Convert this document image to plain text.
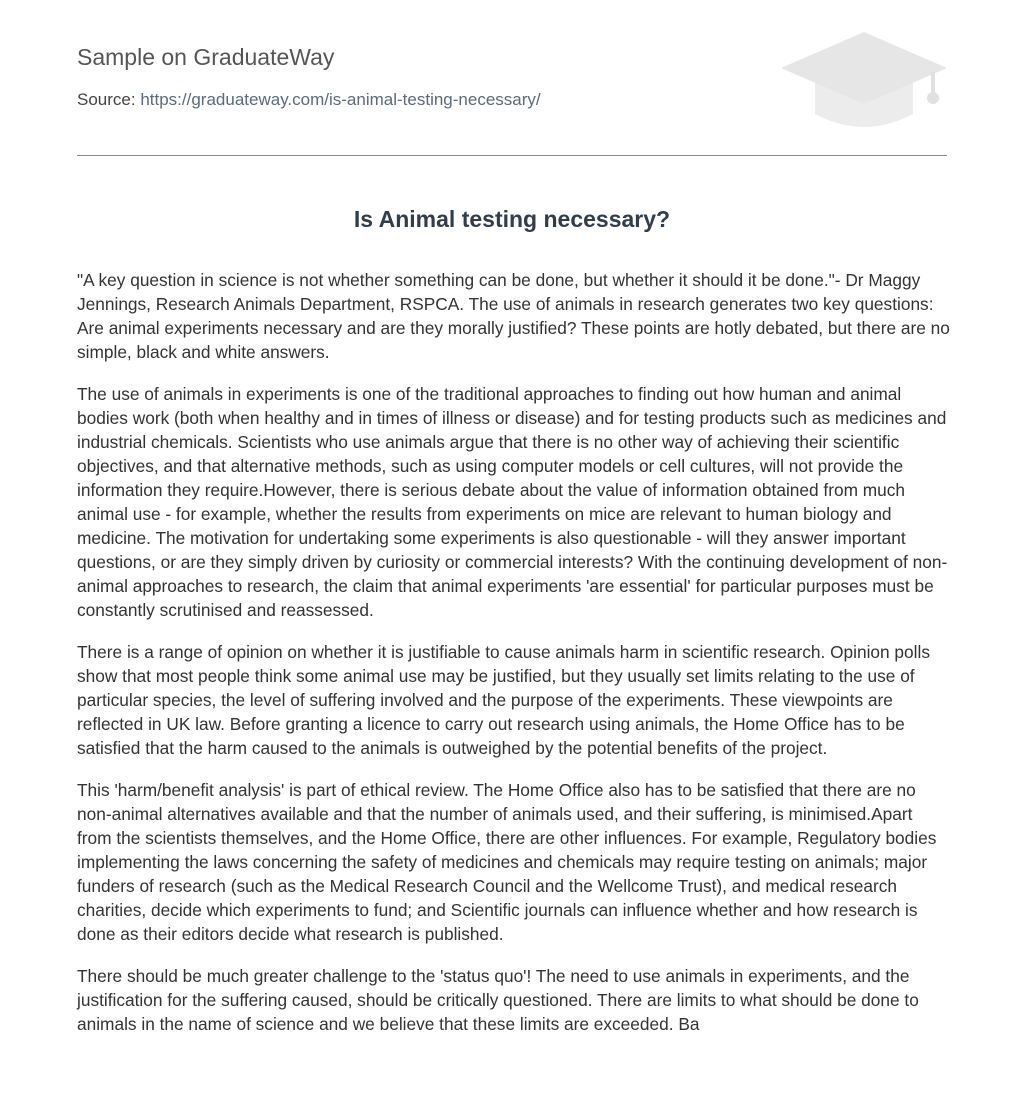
Sample on GraduateWay
Source: https://graduateway.com/is-animal-testing-necessary/
Is Animal testing necessary?

"A key question in science is not whether something can be done, but whether it should it be done."- Dr Maggy Jennings, Research Animals Department, RSPCA. The use of animals in research generates two key questions: Are animal experiments necessary and are they morally justified? These points are hotly debated, but there are no simple, black and white answers.

The use of animals in experiments is one of the traditional approaches to finding out how human and animal bodies work (both when healthy and in times of illness or disease) and for testing products such as medicines and industrial chemicals. Scientists who use animals argue that there is no other way of achieving their scientific objectives, and that alternative methods, such as using computer models or cell cultures, will not provide the information they require.However, there is serious debate about the value of information obtained from much animal use - for example, whether the results from experiments on mice are relevant to human biology and medicine. The motivation for undertaking some experiments is also questionable - will they answer important questions, or are they simply driven by curiosity or commercial interests? With the continuing development of non-animal approaches to research, the claim that animal experiments 'are essential' for particular purposes must be constantly scrutinised and reassessed.

There is a range of opinion on whether it is justifiable to cause animals harm in scientific research. Opinion polls show that most people think some animal use may be justified, but they usually set limits relating to the use of particular species, the level of suffering involved and the purpose of the experiments. These viewpoints are reflected in UK law. Before granting a licence to carry out research using animals, the Home Office has to be satisfied that the harm caused to the animals is outweighed by the potential benefits of the project.

This 'harm/benefit analysis' is part of ethical review. The Home Office also has to be satisfied that there are no non-animal alternatives available and that the number of animals used, and their suffering, is minimised.Apart from the scientists themselves, and the Home Office, there are other influences. For example, Regulatory bodies implementing the laws concerning the safety of medicines and chemicals may require testing on animals; major funders of research (such as the Medical Research Council and the Wellcome Trust), and medical research charities, decide which experiments to fund; and Scientific journals can influence whether and how research is done as their editors decide what research is published.

There should be much greater challenge to the 'status quo'! The need to use animals in experiments, and the justification for the suffering caused, should be critically questioned. There are limits to what should be done to animals in the name of science and we believe that these limits are exceeded. Ba
